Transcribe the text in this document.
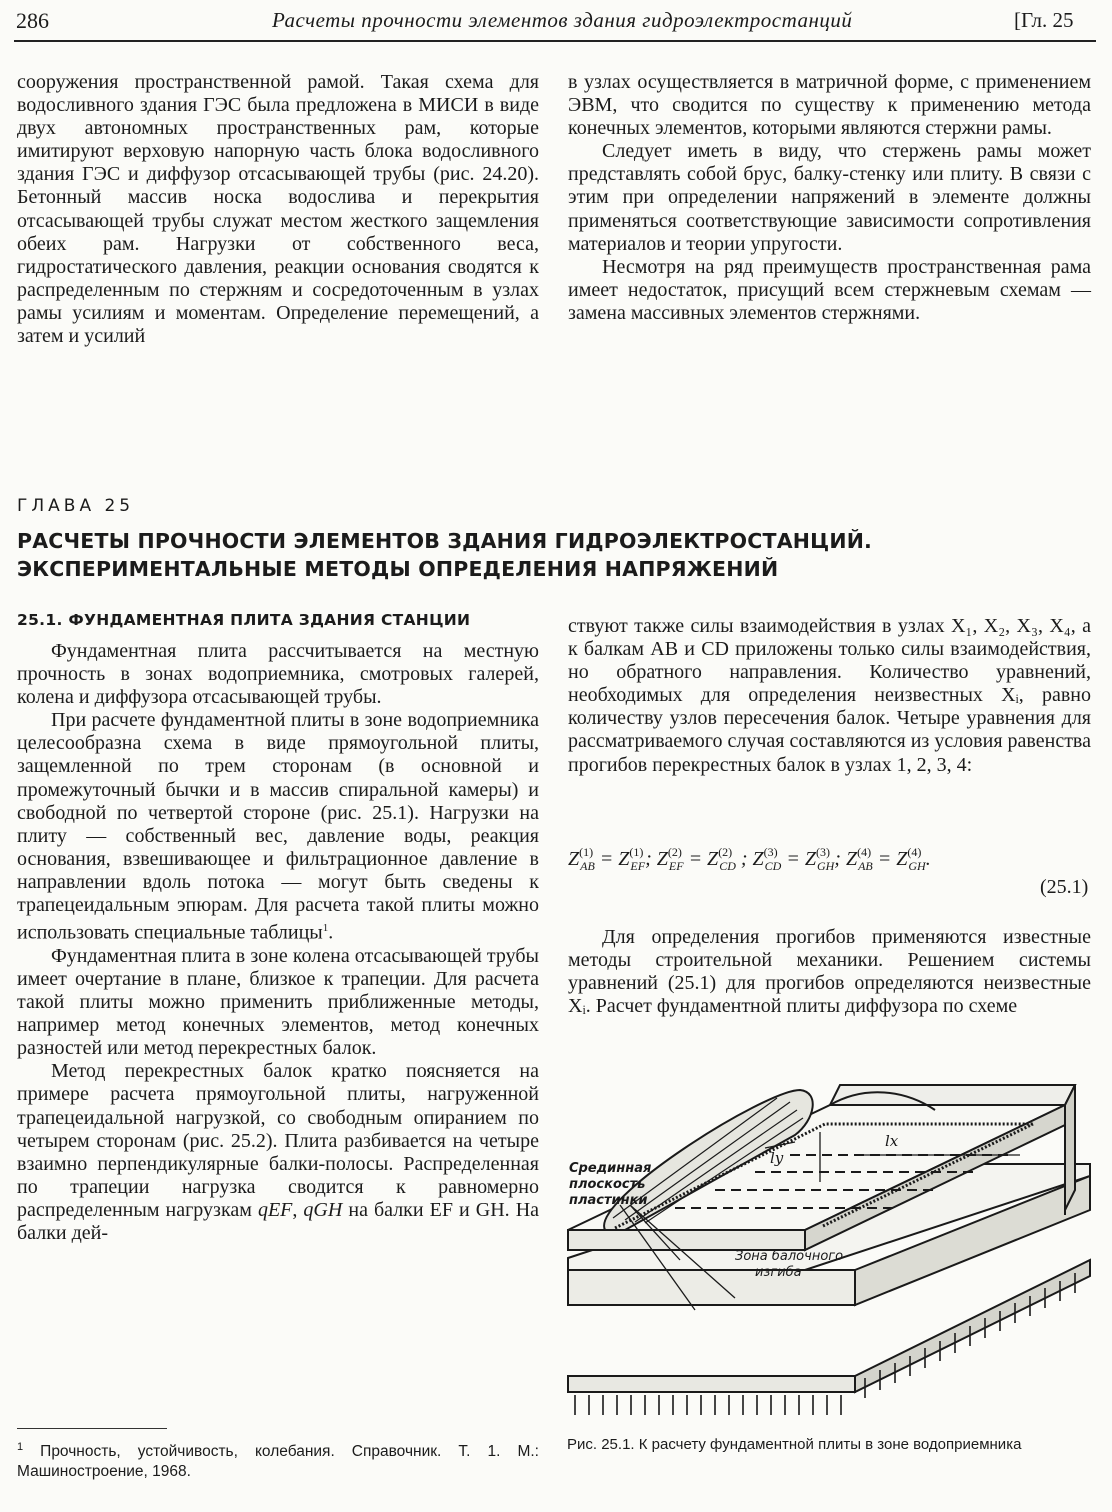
286	Расчеты прочности элементов здания гидроэлектростанций	[Гл. 25

сооружения пространственной рамой. Такая схема для водосливного здания ГЭС была предложена в МИСИ в виде двух автономных пространственных рам, которые имитируют верховую напорную часть блока водосливного здания ГЭС и диффузор отсасывающей трубы (рис. 24.20). Бетонный массив носка водослива и перекрытия отсасывающей трубы служат местом жесткого защемления обеих рам. Нагрузки от собственного веса, гидростатического давления, реакции основания сводятся к распределенным по стержням и сосредоточенным в узлах рамы усилиям и моментам. Определение перемещений, а затем и усилий

в узлах осуществляется в матричной форме, с применением ЭВМ, что сводится по существу к применению метода конечных элементов, которыми являются стержни рамы.

Следует иметь в виду, что стержень рамы может представлять собой брус, балку-стенку или плиту. В связи с этим при определении напряжений в элементе должны применяться соответствующие зависимости сопротивления материалов и теории упругости.

Несмотря на ряд преимуществ пространственная рама имеет недостаток, присущий всем стержневым схемам — замена массивных элементов стержнями.

ГЛАВА 25
РАСЧЕТЫ ПРОЧНОСТИ ЭЛЕМЕНТОВ ЗДАНИЯ ГИДРОЭЛЕКТРОСТАНЦИЙ.
ЭКСПЕРИМЕНТАЛЬНЫЕ МЕТОДЫ ОПРЕДЕЛЕНИЯ НАПРЯЖЕНИЙ
25.1. ФУНДАМЕНТНАЯ ПЛИТА ЗДАНИЯ СТАНЦИИ

Фундаментная плита рассчитывается на местную прочность в зонах водоприемника, смотровых галерей, колена и диффузора отсасывающей трубы.

При расчете фундаментной плиты в зоне водоприемника целесообразна схема в виде прямоугольной плиты, защемленной по трем сторонам (в основной и промежуточный бычки и в массив спиральной камеры) и свободной по четвертой стороне (рис. 25.1). Нагрузки на плиту — собственный вес, давление воды, реакция основания, взвешивающее и фильтрационное давление в направлении вдоль потока — могут быть сведены к трапецеидальным эпюрам. Для расчета такой плиты можно использовать специальные таблицы$^1$.

Фундаментная плита в зоне колена отсасывающей трубы имеет очертание в плане, близкое к трапеции. Для расчета такой плиты можно применить приближенные методы, например метод конечных элементов, метод конечных разностей или метод перекрестных балок.

Метод перекрестных балок кратко поясняется на примере расчета прямоугольной плиты, нагруженной трапецеидальной нагрузкой, со свободным опиранием по четырем сторонам (рис. 25.2). Плита разбивается на четыре взаимно перпендикулярные балки-полосы. Распределенная по трапеции нагрузка сводится к равномерно распределенным нагрузкам qEF, qGH на балки EF и GH. На балки дей-

ствуют также силы взаимодействия в узлах X₁, X₂, X₃, X₄, а к балкам AB и CD приложены только силы взаимодействия, но обратного направления. Количество уравнений, необходимых для определения неизвестных Xᵢ, равно количеству узлов пересечения балок. Четыре уравнения для рассматриваемого случая составляются из условия равенства прогибов перекрестных балок в узлах 1, 2, 3, 4:

$Z^{(1)}_{AB} = Z^{(1)}_{EF}$; $Z^{(2)}_{EF} = Z^{(2)}_{CD}$ ; $Z^{(3)}_{CD} = Z^{(3)}_{GH}$; $Z^{(4)}_{AB} = Z^{(4)}_{GH}$.
(25.1)

Для определения прогибов применяются известные методы строительной механики. Решением системы уравнений (25.1) для прогибов определяются неизвестные Xᵢ. Расчет фундаментной плиты диффузора по схеме

Срединная
плоскость
пластинки
lx
ly
Зона балочного
изгиба
$^1$ Прочность, устойчивость, колебания. Справочник. Т. 1. М.: Машиностроение, 1968.
Рис. 25.1. К расчету фундаментной плиты в зоне водоприемника
